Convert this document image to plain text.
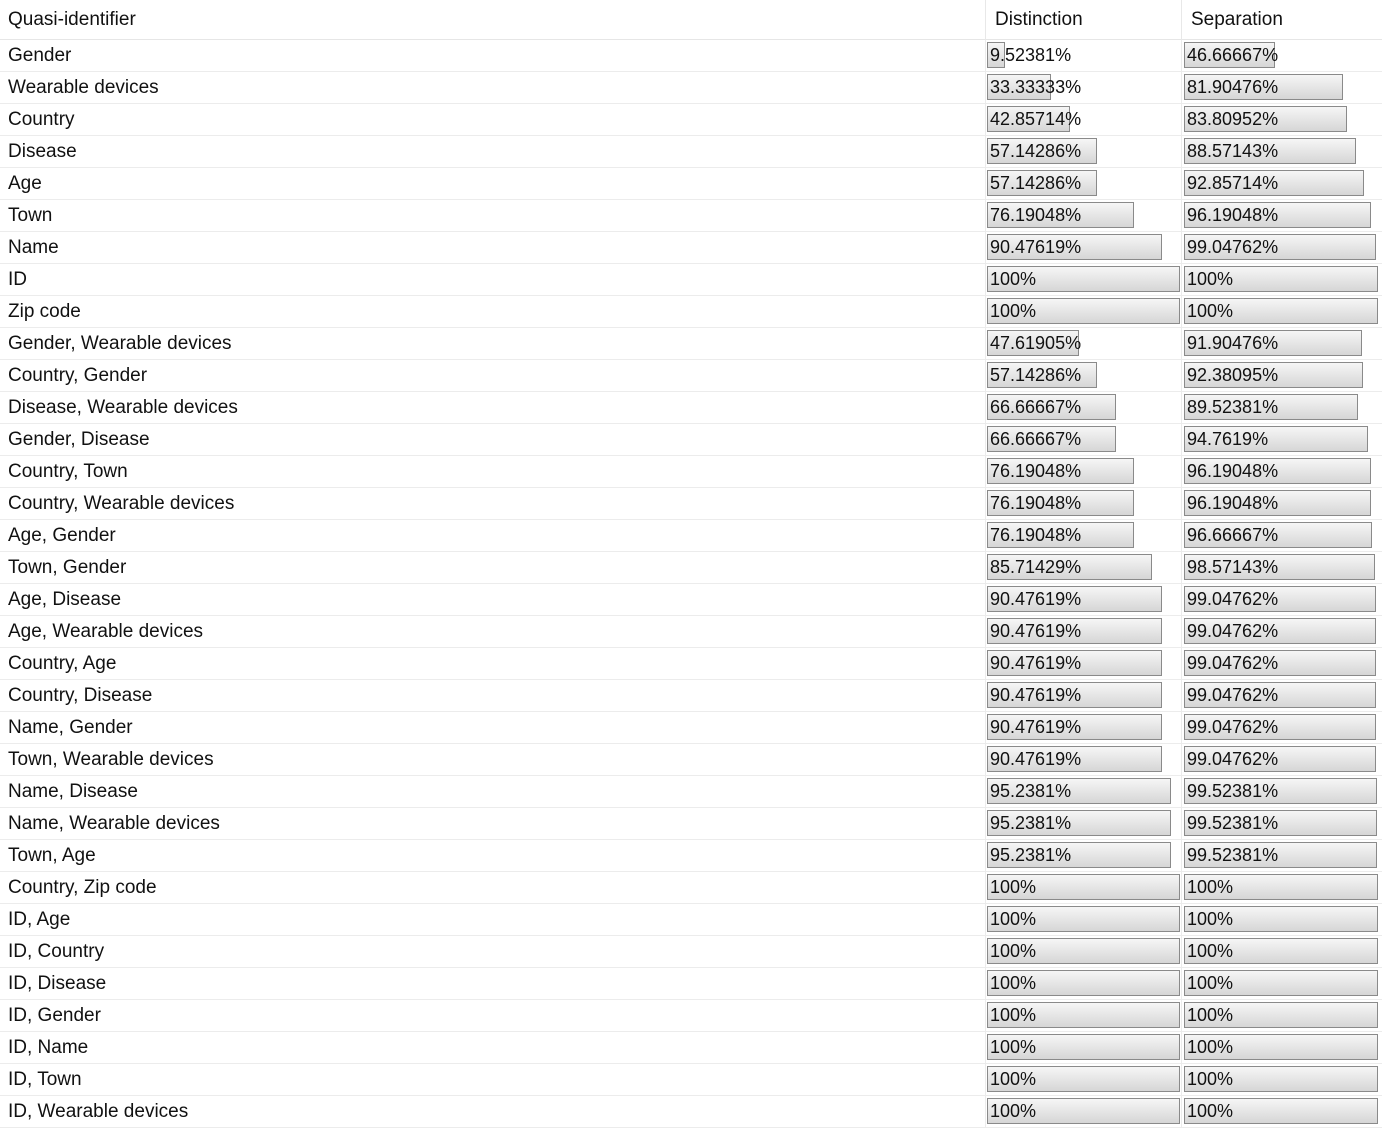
Quasi-identifier	Distinction	Separation
Gender	9.52381%	46.66667%
Wearable devices	33.33333%	81.90476%
Country	42.85714%	83.80952%
Disease	57.14286%	88.57143%
Age	57.14286%	92.85714%
Town	76.19048%	96.19048%
Name	90.47619%	99.04762%
ID	100%	100%
Zip code	100%	100%
Gender, Wearable devices	47.61905%	91.90476%
Country, Gender	57.14286%	92.38095%
Disease, Wearable devices	66.66667%	89.52381%
Gender, Disease	66.66667%	94.7619%
Country, Town	76.19048%	96.19048%
Country, Wearable devices	76.19048%	96.19048%
Age, Gender	76.19048%	96.66667%
Town, Gender	85.71429%	98.57143%
Age, Disease	90.47619%	99.04762%
Age, Wearable devices	90.47619%	99.04762%
Country, Age	90.47619%	99.04762%
Country, Disease	90.47619%	99.04762%
Name, Gender	90.47619%	99.04762%
Town, Wearable devices	90.47619%	99.04762%
Name, Disease	95.2381%	99.52381%
Name, Wearable devices	95.2381%	99.52381%
Town, Age	95.2381%	99.52381%
Country, Zip code	100%	100%
ID, Age	100%	100%
ID, Country	100%	100%
ID, Disease	100%	100%
ID, Gender	100%	100%
ID, Name	100%	100%
ID, Town	100%	100%
ID, Wearable devices	100%	100%
